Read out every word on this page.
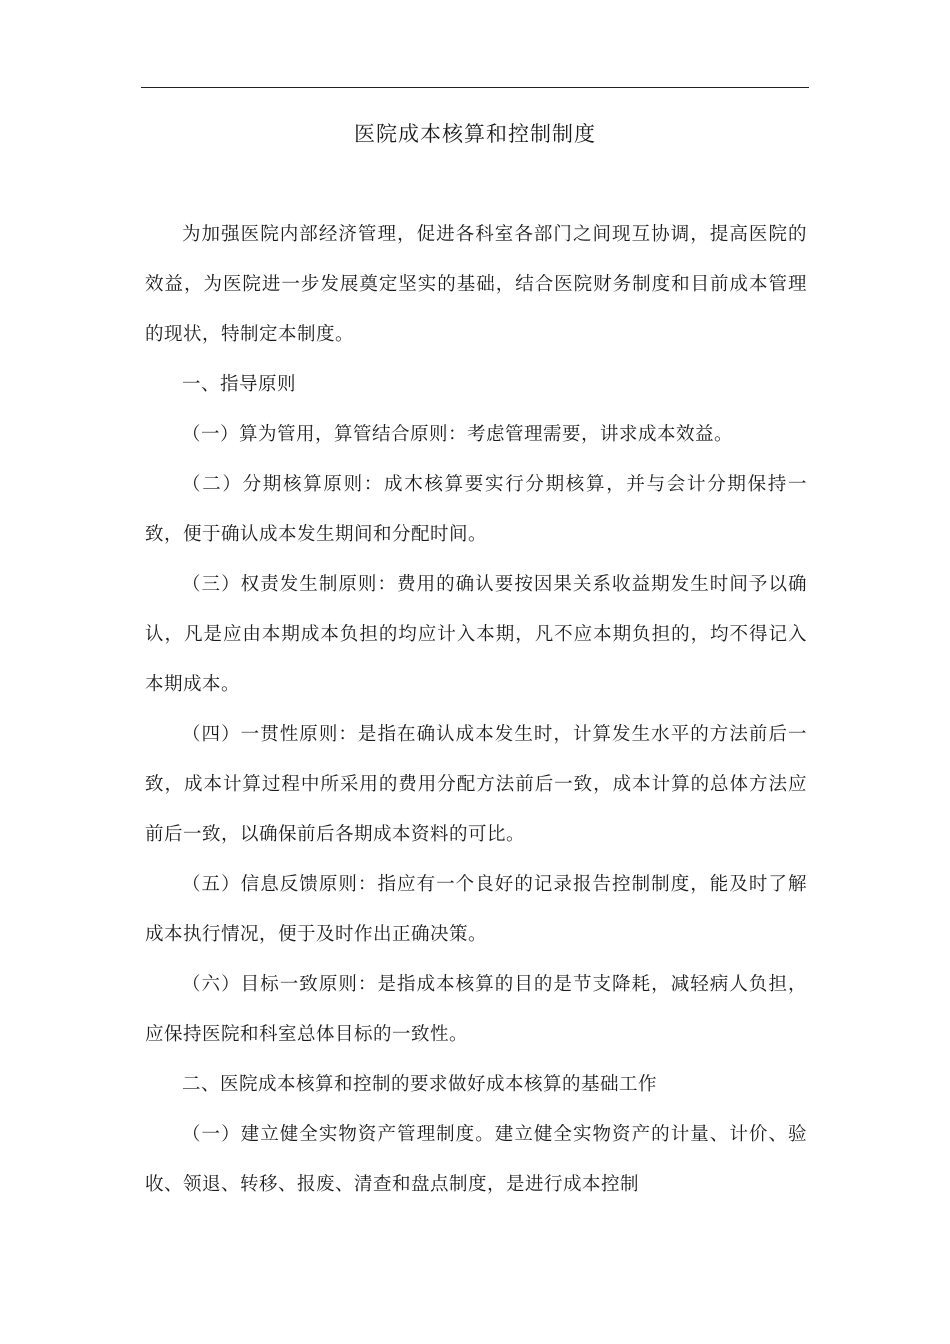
医院成本核算和控制制度

为加强医院内部经济管理，促进各科室各部门之间现互协调，提高医院的效益，为医院进一步发展奠定坚实的基础，结合医院财务制度和目前成本管理的现状，特制定本制度。

一、指导原则

（一）算为管用，算管结合原则：考虑管理需要，讲求成本效益。

（二）分期核算原则：成木核算要实行分期核算，并与会计分期保持一致，便于确认成本发生期间和分配时间。

（三）权责发生制原则：费用的确认要按因果关系收益期发生时间予以确认，凡是应由本期成本负担的均应计入本期，凡不应本期负担的，均不得记入本期成本。

（四）一贯性原则：是指在确认成本发生时，计算发生水平的方法前后一致，成本计算过程中所采用的费用分配方法前后一致，成本计算的总体方法应前后一致，以确保前后各期成本资料的可比。

（五）信息反馈原则：指应有一个良好的记录报告控制制度，能及时了解成本执行情况，便于及时作出正确决策。

（六）目标一致原则：是指成本核算的目的是节支降耗，减轻病人负担，应保持医院和科室总体目标的一致性。

二、医院成本核算和控制的要求做好成本核算的基础工作

（一）建立健全实物资产管理制度。建立健全实物资产的计量、计价、验收、领退、转移、报废、清查和盘点制度，是进行成本控制
